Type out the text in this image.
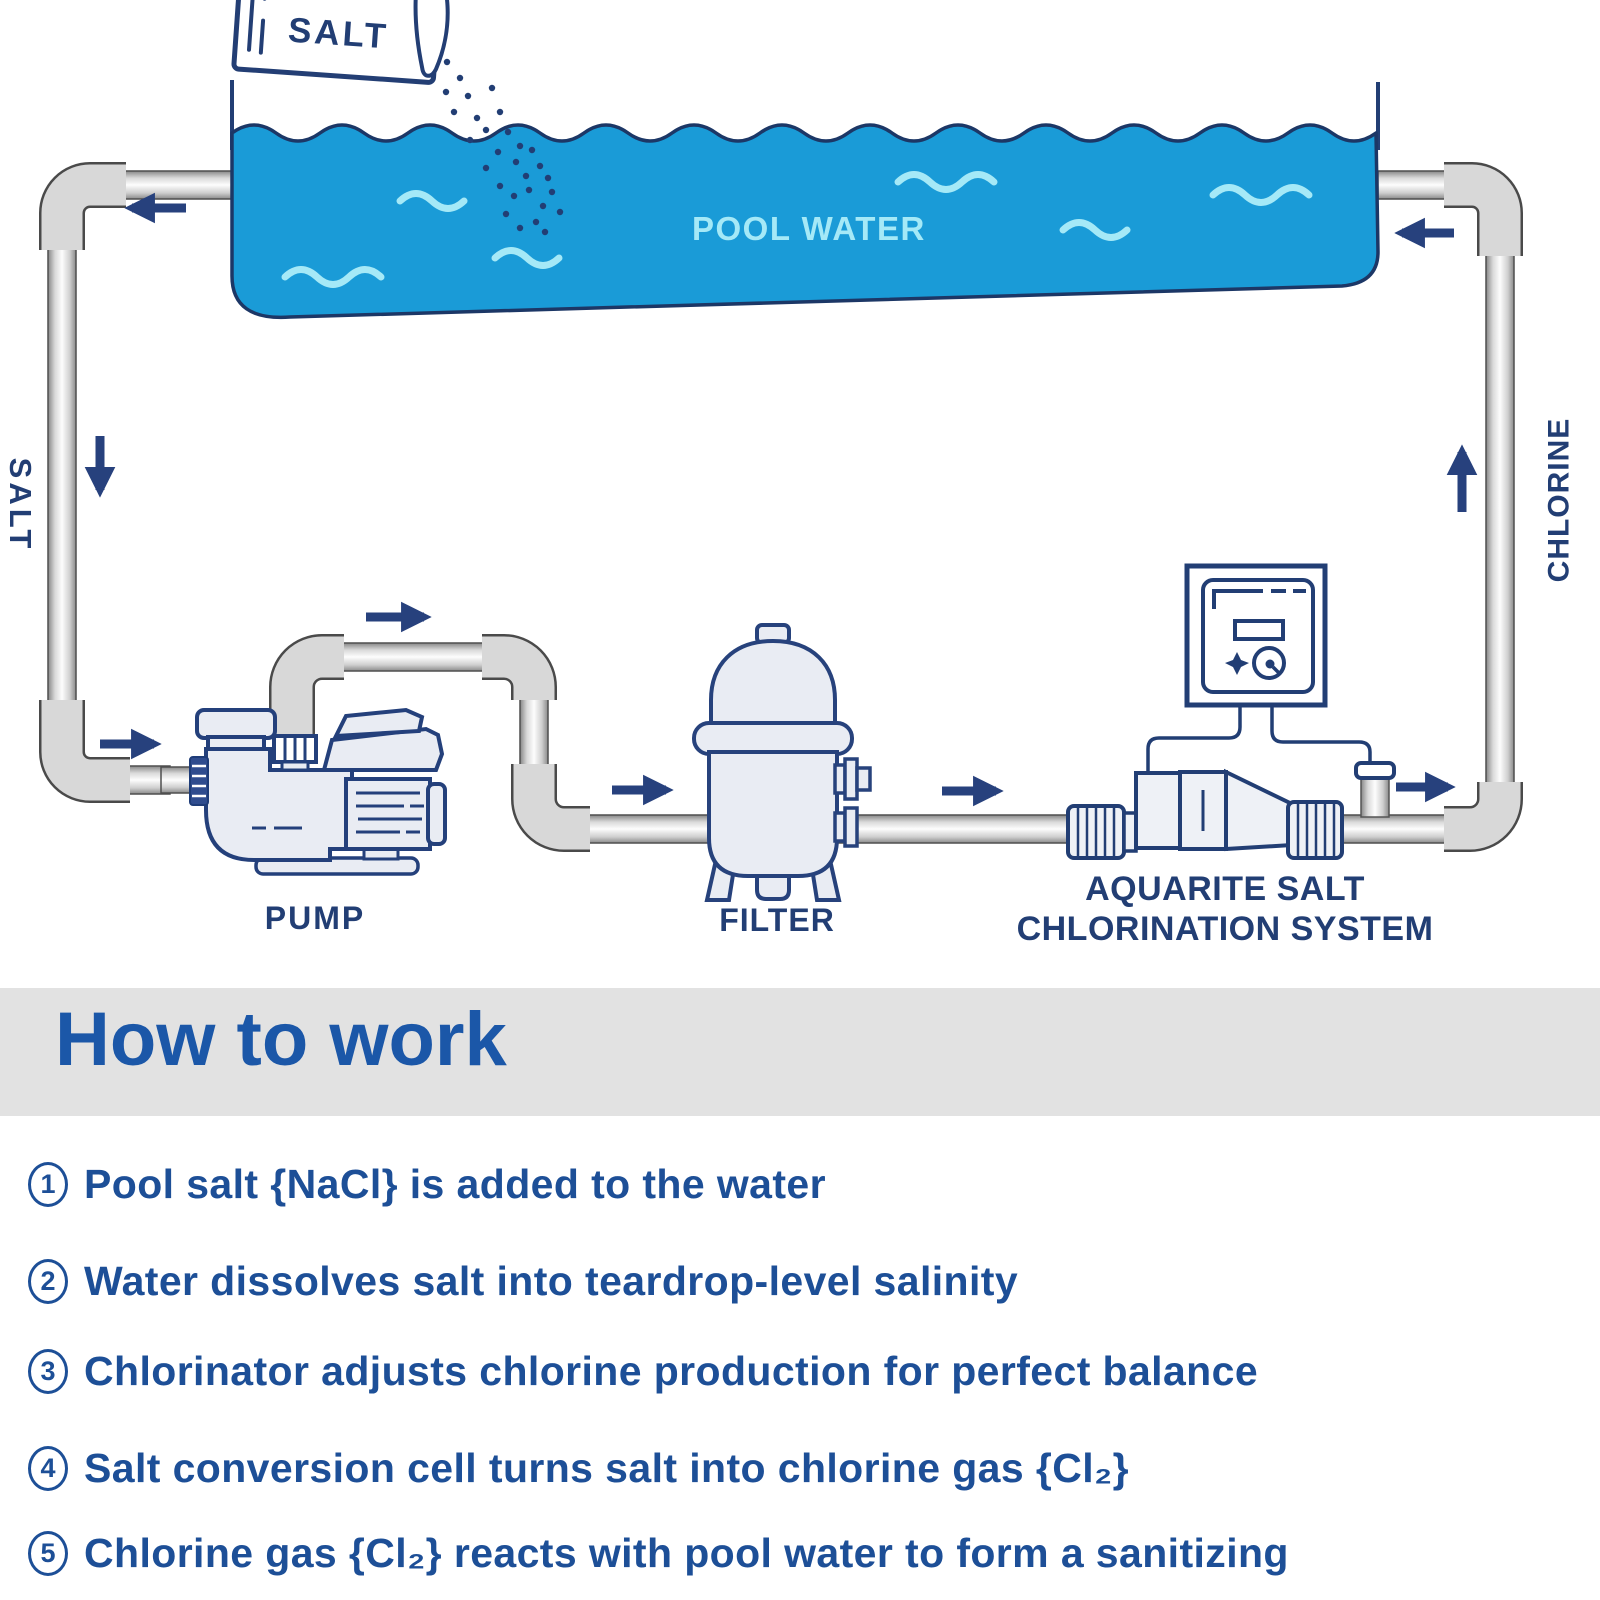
SALT
POOL WATER
SALT	CHLORINE
PUMP	FILTER
AQUARITE SALT
CHLORINATION SYSTEM
How to work
1 Pool salt {NaCl} is added to the water
2 Water dissolves salt into teardrop-level salinity
3 Chlorinator adjusts chlorine production for perfect balance
4 Salt conversion cell turns salt into chlorine gas {Cl₂}
5 Chlorine gas {Cl₂} reacts with pool water to form a sanitizing
